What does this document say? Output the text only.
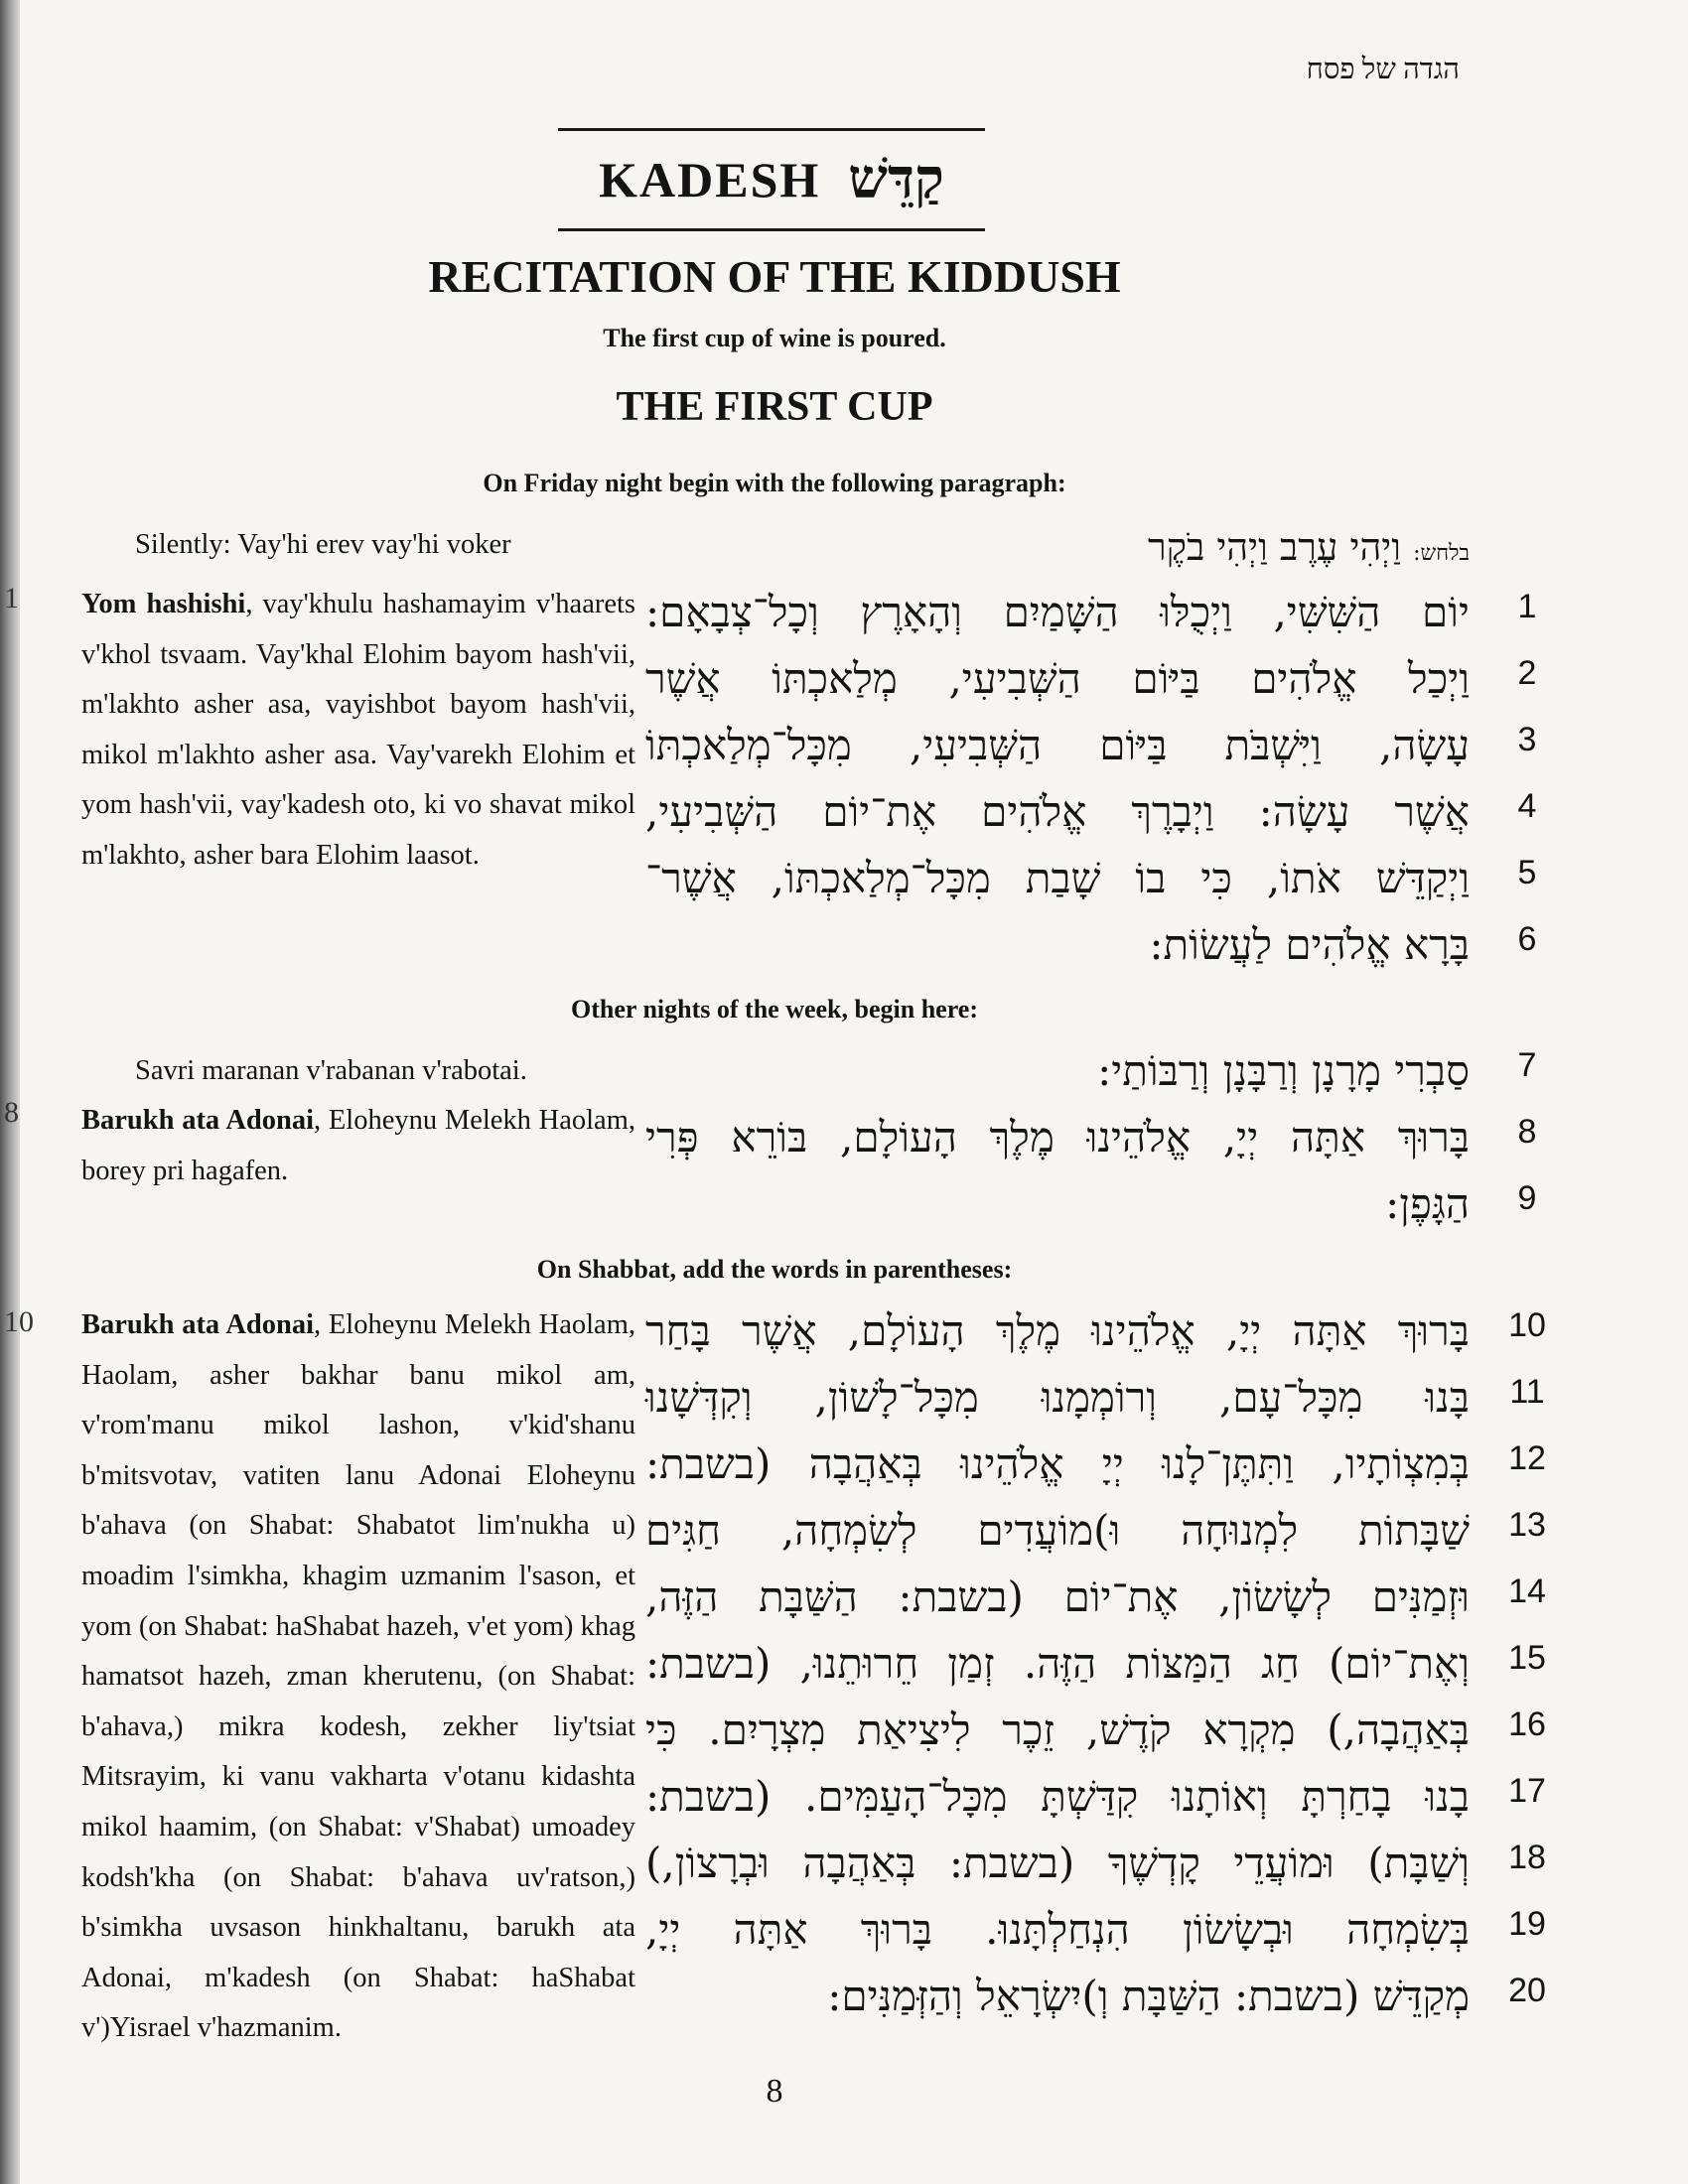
1
8
10
הגדה של פסח
KADESH קַדֵּשׁ
RECITATION OF THE KIDDUSH
The first cup of wine is poured.
THE FIRST CUP
On Friday night begin with the following paragraph:
Silently: Vay'hi erev vay'hi voker	בלחש: וַיְהִי עֶרֶב וַיְהִי בֹקֶר
Yom hashishi, vay'khulu hashamayim v'haarets v'khol tsvaam. Vay'khal Elohim bayom hash'vii, m'lakhto asher asa, vayishbot bayom hash'vii, mikol m'lakhto asher asa. Vay'varekh Elohim et yom hash'vii, vay'kadesh oto, ki vo shavat mikol m'lakhto, asher bara Elohim laasot.
יוֹם הַשִּׁשִּׁי, וַיְכֻלּוּ הַשָּׁמַיִם וְהָאָרֶץ וְכָל־צְבָאָם:	1
וַיְכַל אֱלֹהִים בַּיּוֹם הַשְּׁבִיעִי, מְלַאכְתּוֹ אֲשֶׁר	2
עָשָׂה, וַיִּשְׁבֹּת בַּיּוֹם הַשְּׁבִיעִי, מִכָּל־מְלַאכְתּוֹ	3
אֲשֶׁר עָשָׂה: וַיְבָרֶךְ אֱלֹהִים אֶת־יוֹם הַשְּׁבִיעִי,	4
וַיְקַדֵּשׁ אֹתוֹ, כִּי בוֹ שָׁבַת מִכָּל־מְלַאכְתּוֹ, אֲשֶׁר־	5
בָּרָא אֱלֹהִים לַעֲשׂוֹת:	6
Other nights of the week, begin here:
Savri maranan v'rabanan v'rabotai.
Barukh ata Adonai, Eloheynu Melekh Haolam, borey pri hagafen.
סַבְרִי מָרָנָן וְרַבָּנָן וְרַבּוֹתַי:	7
בָּרוּךְ אַתָּה יְיָ, אֱלֹהֵינוּ מֶלֶךְ הָעוֹלָם, בּוֹרֵא פְּרִי	8
הַגָּפֶן:	9
On Shabbat, add the words in parentheses:
Barukh ata Adonai, Eloheynu Melekh Haolam, Haolam, asher bakhar banu mikol am, v'rom'manu mikol lashon, v'kid'shanu b'mitsvotav, vatiten lanu Adonai Eloheynu b'ahava (on Shabat: Shabatot lim'nukha u) moadim l'simkha, khagim uzmanim l'sason, et yom (on Shabat: haShabat hazeh, v'et yom) khag hamatsot hazeh, zman kherutenu, (on Shabat: b'ahava,) mikra kodesh, zekher liy'tsiat Mitsrayim, ki vanu vakharta v'otanu kidashta mikol haamim, (on Shabat: v'Shabat) umoadey kodsh'kha (on Shabat: b'ahava uv'ratson,) b'simkha uvsason hinkhaltanu, barukh ata Adonai, m'kadesh (on Shabat: haShabat v')Yisrael v'hazmanim.
בָּרוּךְ אַתָּה יְיָ, אֱלֹהֵינוּ מֶלֶךְ הָעוֹלָם, אֲשֶׁר בָּחַר	10
בָּנוּ מִכָּל־עָם, וְרוֹמְמָנוּ מִכָּל־לָשׁוֹן, וְקִדְּשָׁנוּ	11
בְּמִצְוֹתָיו, וַתִּתֶּן־לָנוּ יְיָ אֱלֹהֵינוּ בְּאַהֲבָה (בשבת:	12
שַׁבָּתוֹת לִמְנוּחָה וּ)מוֹעֲדִים לְשִׂמְחָה, חַגִּים	13
וּזְמַנִּים לְשָׂשׂוֹן, אֶת־יוֹם (בשבת: הַשַּׁבָּת הַזֶּה,	14
וְאֶת־יוֹם) חַג הַמַּצּוֹת הַזֶּה. זְמַן חֵרוּתֵנוּ, (בשבת:	15
בְּאַהֲבָה,) מִקְרָא קֹדֶשׁ, זֵכֶר לִיצִיאַת מִצְרָיִם. כִּי	16
בָנוּ בָחַרְתָּ וְאוֹתָנוּ קִדַּשְׁתָּ מִכָּל־הָעַמִּים. (בשבת:	17
וְשַׁבָּת) וּמוֹעֲדֵי קָדְשֶׁךָ (בשבת: בְּאַהֲבָה וּבְרָצוֹן,)	18
בְּשִׂמְחָה וּבְשָׂשׂוֹן הִנְחַלְתָּנוּ. בָּרוּךְ אַתָּה יְיָ,	19
מְקַדֵּשׁ (בשבת: הַשַּׁבָּת וְ)יִשְׂרָאֵל וְהַזְּמַנִּים:	20
8
